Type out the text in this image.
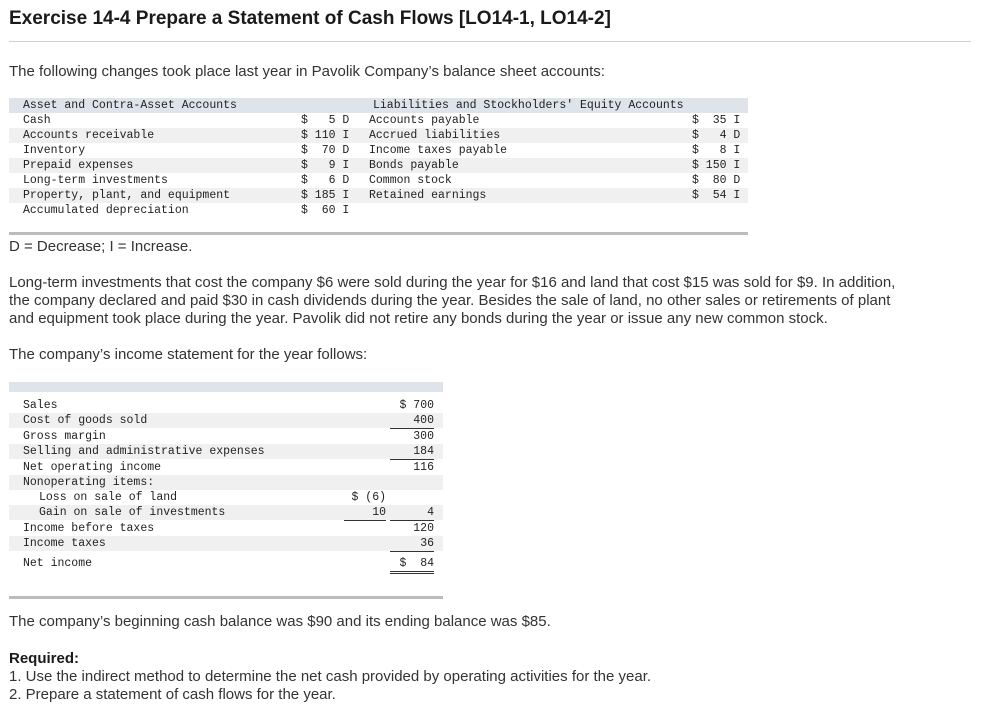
Exercise 14-4 Prepare a Statement of Cash Flows [LO14-1, LO14-2]

The following changes took place last year in Pavolik Company’s balance sheet accounts:

Asset and Contra-Asset Accounts	Liabilities and Stockholders' Equity Accounts
Cash	$   5 D Accounts payable	$  35 I
Accounts receivable	$ 110 I Accrued liabilities	$   4 D
Inventory	$  70 D Income taxes payable	$   8 I
Prepaid expenses	$   9 I Bonds payable	$ 150 I
Long-term investments	$   6 D Common stock	$  80 D
Property, plant, and equipment	$ 185 I Retained earnings	$  54 I
Accumulated depreciation	$  60 I

D = Decrease; I = Increase.

Long-term investments that cost the company $6 were sold during the year for $16 and land that cost $15 was sold for $9. In addition,

the company declared and paid $30 in cash dividends during the year. Besides the sale of land, no other sales or retirements of plant

and equipment took place during the year. Pavolik did not retire any bonds during the year or issue any new common stock.

The company’s income statement for the year follows:

Sales	$ 700
Cost of goods sold	400
Gross margin	300
Selling and administrative expenses	184
Net operating income	116
Nonoperating items:
Loss on sale of land	$ (6)
Gain on sale of investments	10	4
Income before taxes	120
Income taxes	36
Net income	$  84

The company’s beginning cash balance was $90 and its ending balance was $85.

Required:

1. Use the indirect method to determine the net cash provided by operating activities for the year.

2. Prepare a statement of cash flows for the year.
